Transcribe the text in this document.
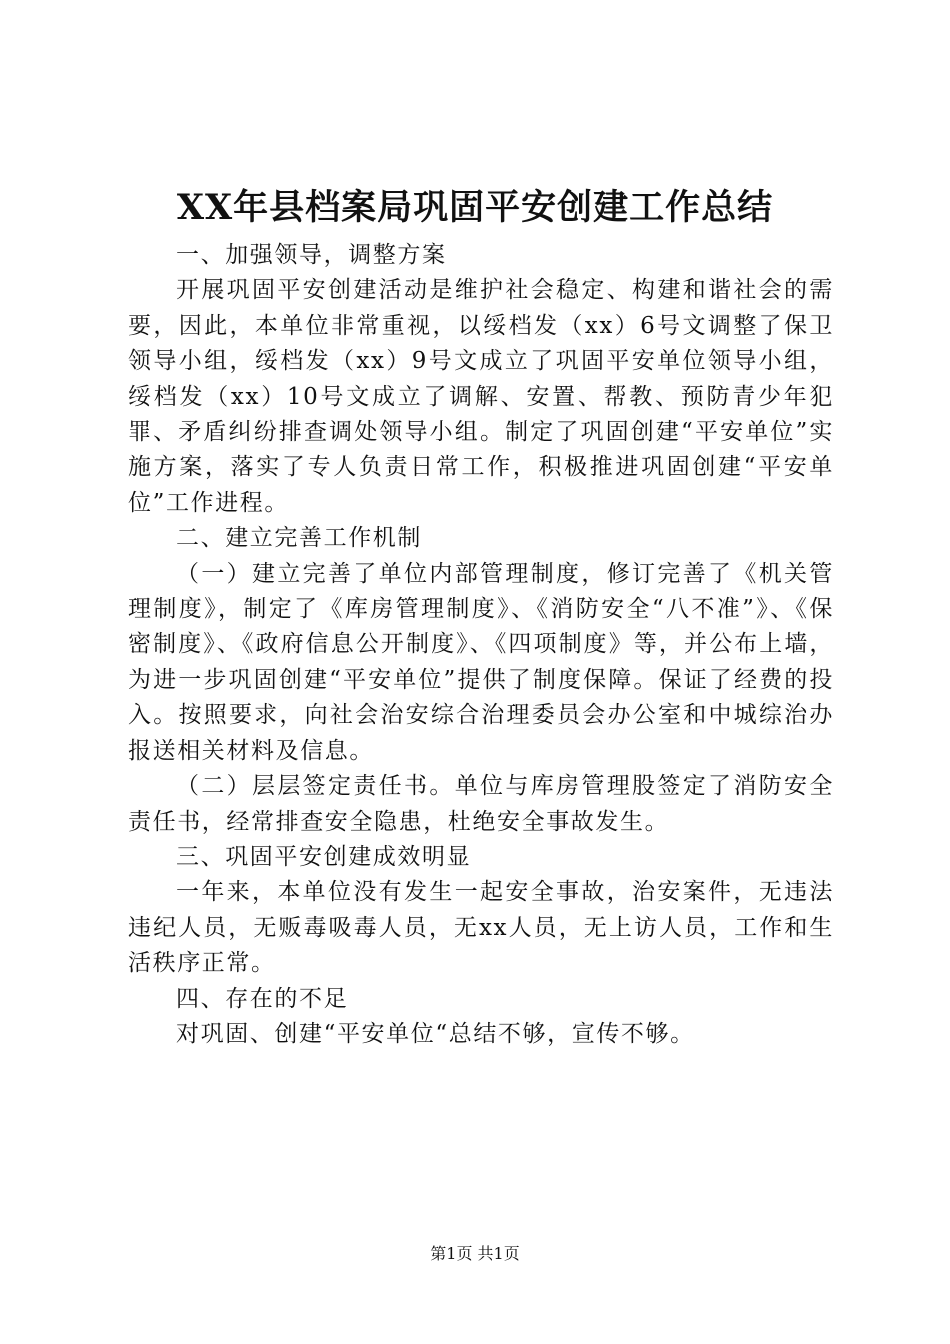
XX年县档案局巩固平安创建工作总结

一、加强领导，调整方案

开展巩固平安创建活动是维护社会稳定、构建和谐社会的需要，因此，本单位非常重视，以绥档发（xx）6号文调整了保卫领导小组，绥档发（xx）9号文成立了巩固平安单位领导小组，绥档发（xx）10号文成立了调解、安置、帮教、预防青少年犯罪、矛盾纠纷排查调处领导小组。制定了巩固创建“平安单位”实施方案，落实了专人负责日常工作，积极推进巩固创建“平安单位”工作进程。

二、建立完善工作机制

（一）建立完善了单位内部管理制度，修订完善了《机关管理制度》，制定了《库房管理制度》、《消防安全“八不准”》、《保密制度》、《政府信息公开制度》、《四项制度》等，并公布上墙，为进一步巩固创建“平安单位”提供了制度保障。保证了经费的投入。按照要求，向社会治安综合治理委员会办公室和中城综治办报送相关材料及信息。

（二）层层签定责任书。单位与库房管理股签定了消防安全责任书，经常排查安全隐患，杜绝安全事故发生。

三、巩固平安创建成效明显

一年来，本单位没有发生一起安全事故，治安案件，无违法违纪人员，无贩毒吸毒人员，无xx人员，无上访人员，工作和生活秩序正常。

四、存在的不足

对巩固、创建“平安单位“总结不够，宣传不够。

第1页 共1页
